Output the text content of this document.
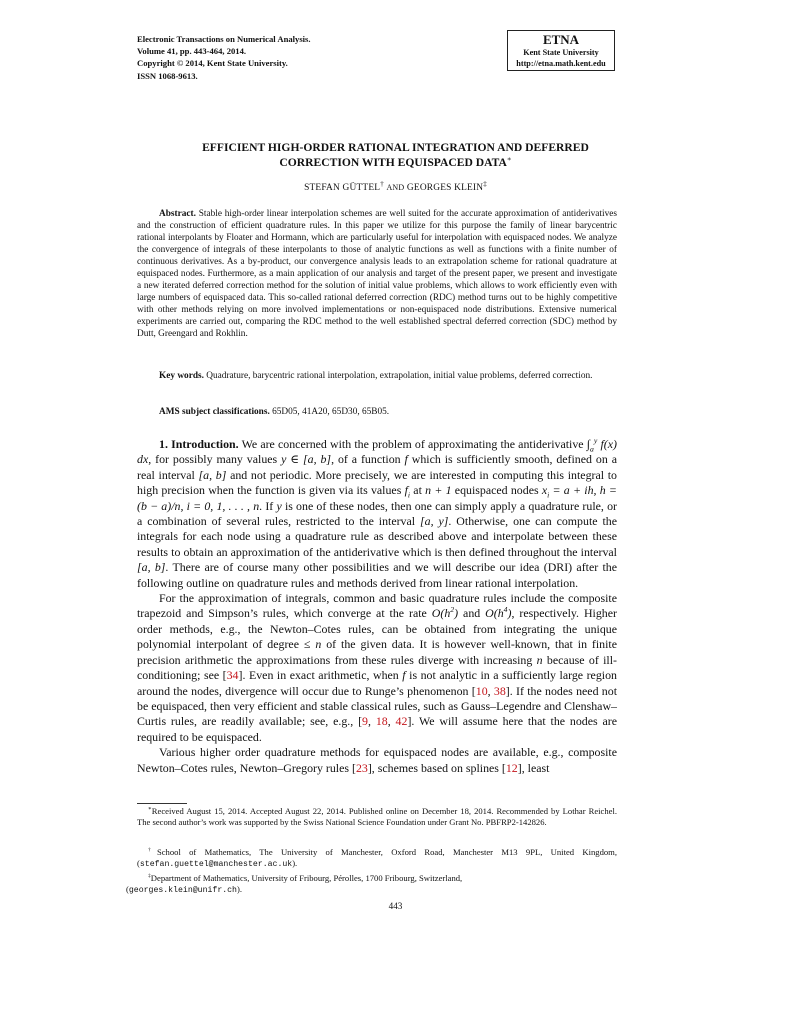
Electronic Transactions on Numerical Analysis.
Volume 41, pp. 443-464, 2014.
Copyright © 2014, Kent State University.
ISSN 1068-9613.
ETNA
Kent State University
http://etna.math.kent.edu
EFFICIENT HIGH-ORDER RATIONAL INTEGRATION AND DEFERRED
CORRECTION WITH EQUISPACED DATA∗
STEFAN GÜTTEL† AND GEORGES KLEIN‡
Abstract. Stable high-order linear interpolation schemes are well suited for the accurate approximation of antiderivatives and the construction of efficient quadrature rules. In this paper we utilize for this purpose the family of linear barycentric rational interpolants by Floater and Hormann, which are particularly useful for interpolation with equispaced nodes. We analyze the convergence of integrals of these interpolants to those of analytic functions as well as functions with a finite number of continuous derivatives. As a by-product, our convergence analysis leads to an extrapolation scheme for rational quadrature at equispaced nodes. Furthermore, as a main application of our analysis and target of the present paper, we present and investigate a new iterated deferred correction method for the solution of initial value problems, which allows to work efficiently even with large numbers of equispaced data. This so-called rational deferred correction (RDC) method turns out to be highly competitive with other methods relying on more involved implementations or non-equispaced node distributions. Extensive numerical experiments are carried out, comparing the RDC method to the well established spectral deferred correction (SDC) method by Dutt, Greengard and Rokhlin.
Key words. Quadrature, barycentric rational interpolation, extrapolation, initial value problems, deferred correction.
AMS subject classifications. 65D05, 41A20, 65D30, 65B05.

1. Introduction. We are concerned with the problem of approximating the antiderivative $\int_a^y$ f(x) dx, for possibly many values y ∈ [a, b], of a function f which is sufficiently smooth, defined on a real interval [a, b] and not periodic. More precisely, we are interested in computing this integral to high precision when the function is given via its values $f_i$ at n + 1 equispaced nodes $x_i = a$ + ih, h = (b − a)/n, i = 0, 1, . . . , n. If y is one of these nodes, then one can simply apply a quadrature rule, or a combination of several rules, restricted to the interval [a, y]. Otherwise, one can compute the integrals for each node using a quadrature rule as described above and interpolate between these results to obtain an approximation of the antiderivative which is then defined throughout the interval [a, b]. There are of course many other possibilities and we will describe our idea (DRI) after the following outline on quadrature rules and methods derived from linear rational interpolation.

For the approximation of integrals, common and basic quadrature rules include the composite trapezoid and Simpson’s rules, which converge at the rate $O(h^2)$ and $O(h^4)$, respectively. Higher order methods, e.g., the Newton–Cotes rules, can be obtained from integrating the unique polynomial interpolant of degree ≤ n of the given data. It is however well-known, that in finite precision arithmetic the approximations from these rules diverge with increasing n because of ill-conditioning; see [34]. Even in exact arithmetic, when f is not analytic in a sufficiently large region around the nodes, divergence will occur due to Runge’s phenomenon [10, 38]. If the nodes need not be equispaced, then very efficient and stable classical rules, such as Gauss–Legendre and Clenshaw–Curtis rules, are readily available; see, e.g., [9, 18, 42]. We will assume here that the nodes are required to be equispaced.

Various higher order quadrature methods for equispaced nodes are available, e.g., composite Newton–Cotes rules, Newton–Gregory rules [23], schemes based on splines [12], least

∗Received August 15, 2014. Accepted August 22, 2014. Published online on December 18, 2014. Recommended by Lothar Reichel. The second author’s work was supported by the Swiss National Science Foundation under Grant No. PBFRP2-142826.
†School of Mathematics, The University of Manchester, Oxford Road, Manchester M13 9PL, United Kingdom, (stefan.guettel@manchester.ac.uk).
‡Department of Mathematics, University of Fribourg, Pérolles, 1700 Fribourg, Switzerland,
(georges.klein@unifr.ch).
443
